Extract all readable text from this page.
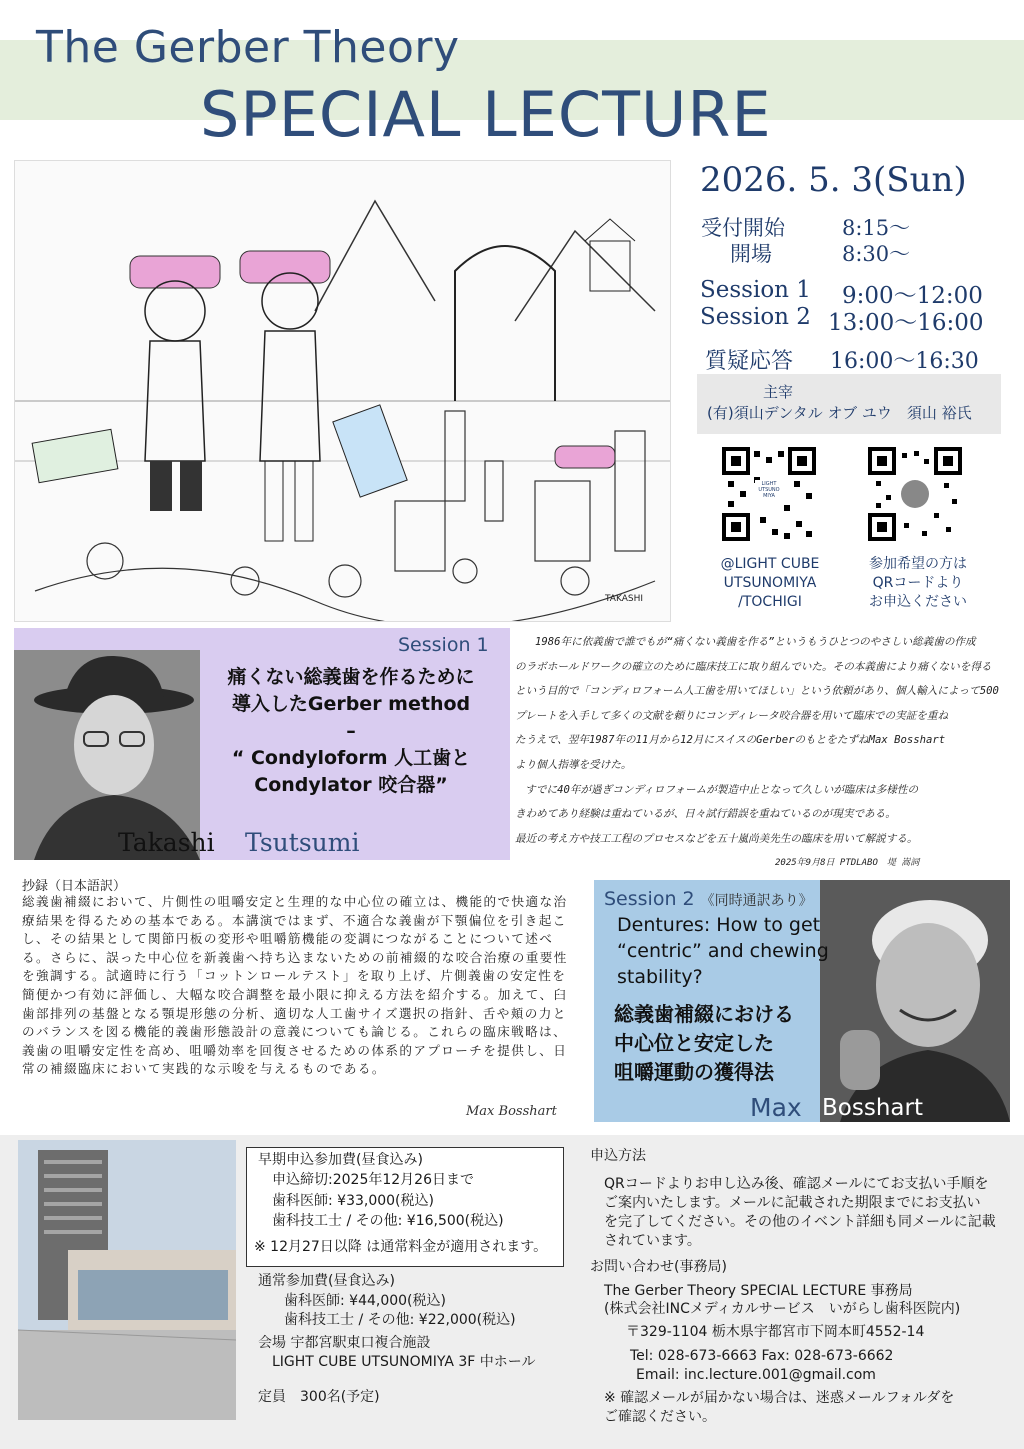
The Gerber Theory
SPECIAL LECTURE
TAKASHI
2026. 5. 3(Sun)
受付開始	8:15〜
開場	8:30〜
Session 1 9:00〜12:00
Session 2 13:00〜16:00
質疑応答 16:00〜16:30
主宰
(有)須山デンタル オブ ユウ　須山 裕氏
LIGHT
UTSUNO
MIYA
@LIGHT CUBE
UTSUNOMIYA
/TOCHIGI
参加希望の方は
QRコードより
お申込ください
Session 1
痛くない総義歯を作るために
導入したGerber method
–
“ Condyloform 人工歯と
Condylator 咬合器”
Takashi Tsutsumi
1986年に依義歯で誰でもが“痛くない義歯を作る”というもうひとつのやさしい総義歯の作成
のラボホールドワークの確立のために臨床技工に取り組んでいた。その本義歯により痛くないを得る
という目的で「コンディロフォーム人工歯を用いてほしい」という依頼があり、個人輸入によって500
プレートを入手して多くの文献を頼りにコンディレータ咬合器を用いて臨床での実証を重ね
たうえで、翌年1987年の11月から12月にスイスのGerberのもとをたずねMax Bosshart
より個人指導を受けた。
すでに40年が過ぎコンディロフォームが製造中止となって久しいが臨床は多様性の
きわめてあり経験は重ねているが、日々試行錯誤を重ねているのが現実である。
最近の考え方や技工工程のプロセスなどを五十嵐尚美先生の臨床を用いて解説する。
2025年9月8日 PTDLABO　堤 嵩詞
抄録（日本語訳）
総義歯補綴において、片側性の咀嚼安定と生理的な中心位の確立は、機能的で快適な治療結果を得るための基本である。本講演ではまず、不適合な義歯が下顎偏位を引き起こし、その結果として関節円板の変形や咀嚼筋機能の変調につながることについて述べる。さらに、誤った中心位を新義歯へ持ち込まないための前補綴的な咬合治療の重要性を強調する。試適時に行う「コットンロールテスト」を取り上げ、片側義歯の安定性を簡便かつ有効に評価し、大幅な咬合調整を最小限に抑える方法を紹介する。加えて、臼歯部排列の基盤となる顎堤形態の分析、適切な人工歯サイズ選択の指針、舌や頬の力とのバランスを図る機能的義歯形態設計の意義についても論じる。これらの臨床戦略は、義歯の咀嚼安定性を高め、咀嚼効率を回復させるための体系的アプローチを提供し、日常の補綴臨床において実践的な示唆を与えるものである。
Max Bosshart
Session 2 《同時通訳あり》
Dentures: How to get
“centric” and chewing
stability?
総義歯補綴における
中心位と安定した
咀嚼運動の獲得法
Max Bosshart
早期申込参加費(昼食込み)
申込締切:2025年12月26日まで
歯科医師: ¥33,000(税込)
歯科技工士 / その他: ¥16,500(税込)
※ 12月27日以降 は通常料金が適用されます。
通常参加費(昼食込み)
歯科医師: ¥44,000(税込)
歯科技工士 / その他: ¥22,000(税込)
会場 宇都宮駅東口複合施設
LIGHT CUBE UTSUNOMIYA 3F 中ホール
定員　300名(予定)
申込方法
QRコードよりお申し込み後、確認メールにてお支払い手順を
ご案内いたします。メールに記載された期限までにお支払い
を完了してください。その他のイベント詳細も同メールに記載
されています。
お問い合わせ(事務局)
The Gerber Theory SPECIAL LECTURE 事務局
(株式会社INCメディカルサービス　いがらし歯科医院内)
〒329-1104 栃木県宇都宮市下岡本町4552-14
Tel: 028-673-6663 Fax: 028-673-6662
Email: inc.lecture.001@gmail.com
※ 確認メールが届かない場合は、迷惑メールフォルダを
ご確認ください。
